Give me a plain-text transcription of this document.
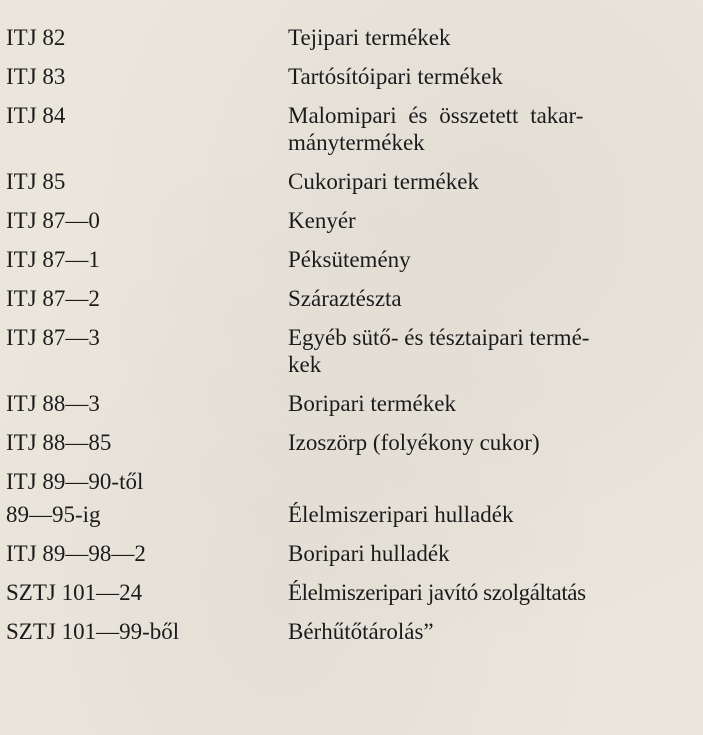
ITJ 82	Tejipari termékek
ITJ 83	Tartósítóipari termékek
ITJ 84	Malomipari és összetett takar-
mánytermékek
ITJ 85	Cukoripari termékek
ITJ 87—0	Kenyér
ITJ 87—1	Péksütemény
ITJ 87—2	Száraztészta
ITJ 87—3	Egyéb sütő- és tésztaipari termé-
kek
ITJ 88—3	Boripari termékek
ITJ 88—85	Izoszörp (folyékony cukor)
ITJ 89—90-től
89—95-ig	Élelmiszeripari hulladék
ITJ 89—98—2	Boripari hulladék
SZTJ 101—24	Élelmiszeripari javító szolgáltatás
SZTJ 101—99-ből	Bérhűtőtárolás”
